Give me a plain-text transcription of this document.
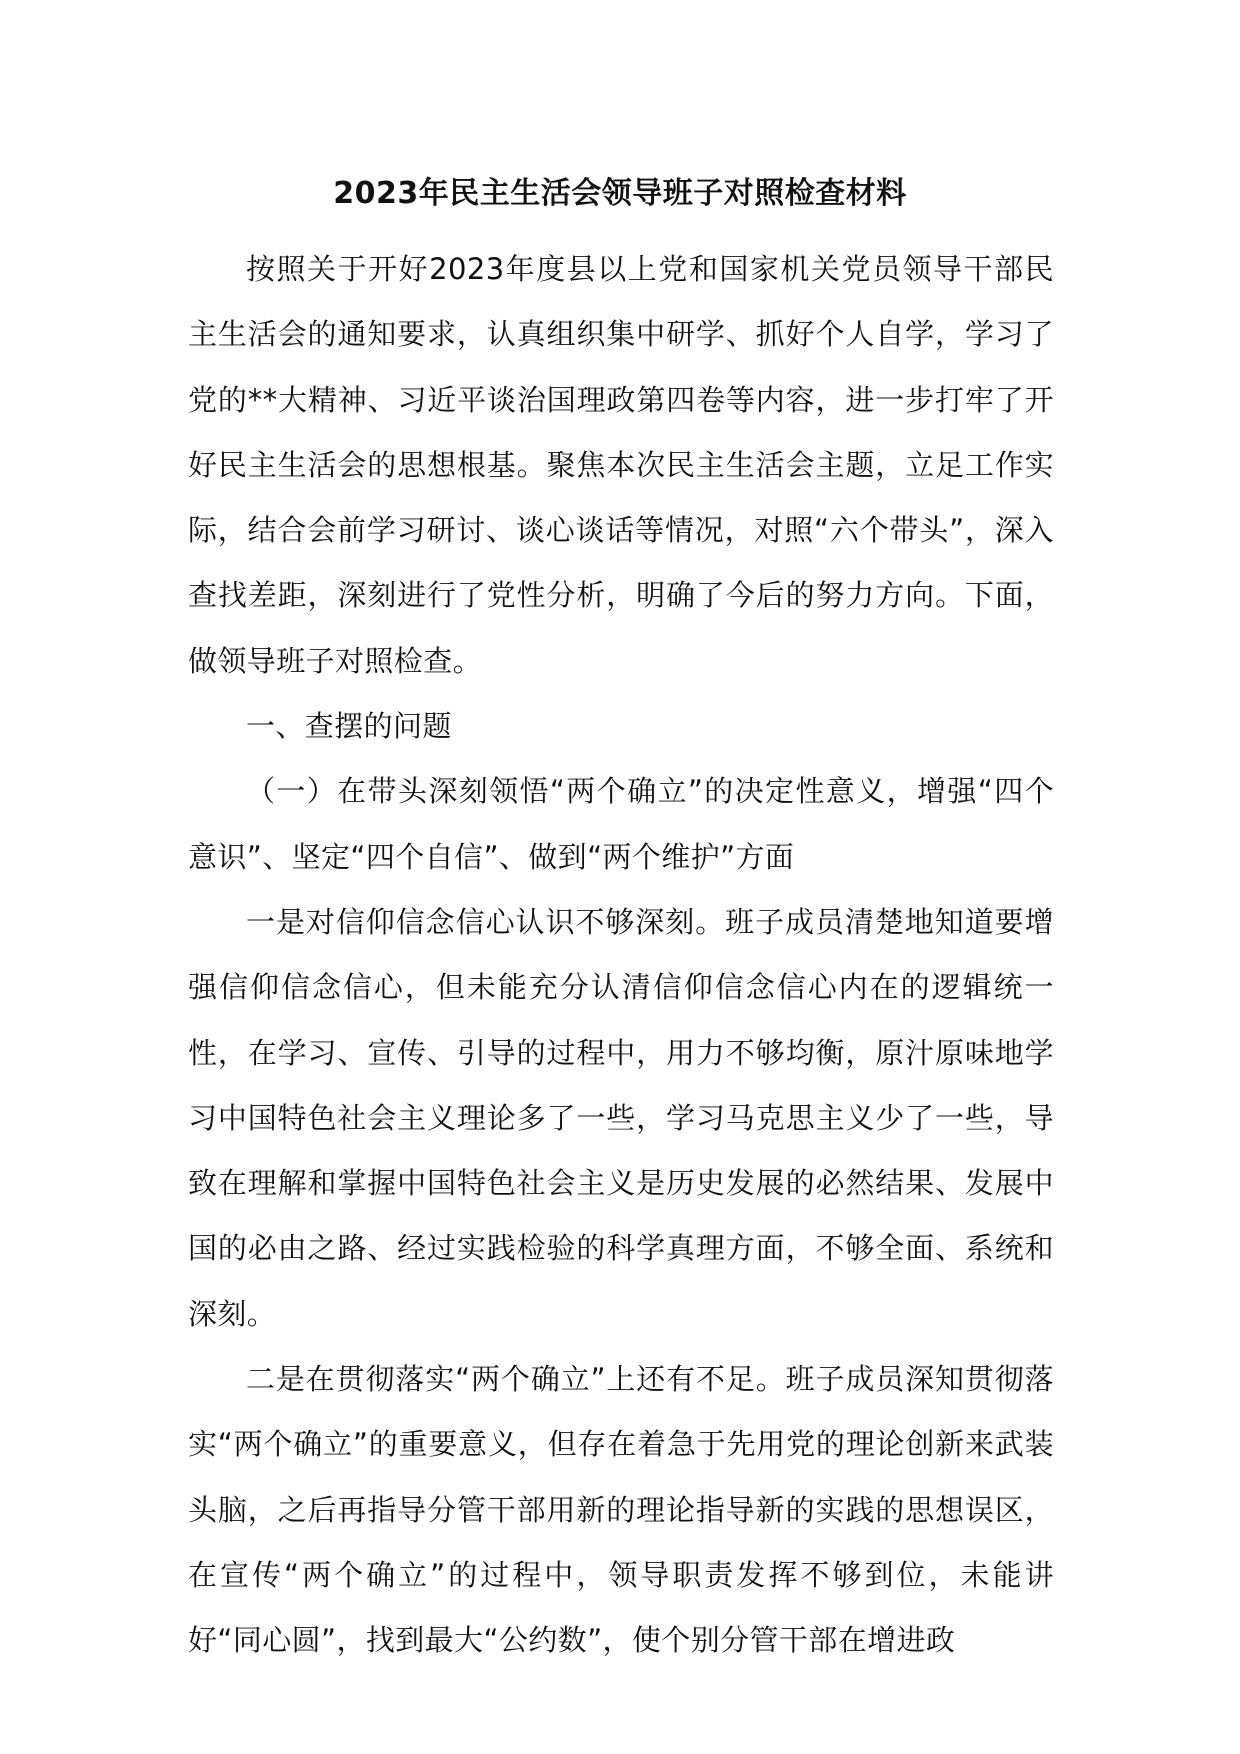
2023年民主生活会领导班子对照检查材料

按照关于开好2023年度县以上党和国家机关党员领导干部民主生活会的通知要求，认真组织集中研学、抓好个人自学，学习了党的**大精神、习近平谈治国理政第四卷等内容，进一步打牢了开好民主生活会的思想根基。聚焦本次民主生活会主题，立足工作实际，结合会前学习研讨、谈心谈话等情况，对照“六个带头”，深入查找差距，深刻进行了党性分析，明确了今后的努力方向。下面，做领导班子对照检查。

一、查摆的问题

（一）在带头深刻领悟“两个确立”的决定性意义，增强“四个意识”、坚定“四个自信”、做到“两个维护”方面

一是对信仰信念信心认识不够深刻。班子成员清楚地知道要增强信仰信念信心，但未能充分认清信仰信念信心内在的逻辑统一性，在学习、宣传、引导的过程中，用力不够均衡，原汁原味地学习中国特色社会主义理论多了一些，学习马克思主义少了一些，导致在理解和掌握中国特色社会主义是历史发展的必然结果、发展中国的必由之路、经过实践检验的科学真理方面，不够全面、系统和深刻。

二是在贯彻落实“两个确立”上还有不足。班子成员深知贯彻落实“两个确立”的重要意义，但存在着急于先用党的理论创新来武装头脑，之后再指导分管干部用新的理论指导新的实践的思想误区，在宣传“两个确立”的过程中，领导职责发挥不够到位，未能讲好“同心圆”，找到最大“公约数”，使个别分管干部在增进政
